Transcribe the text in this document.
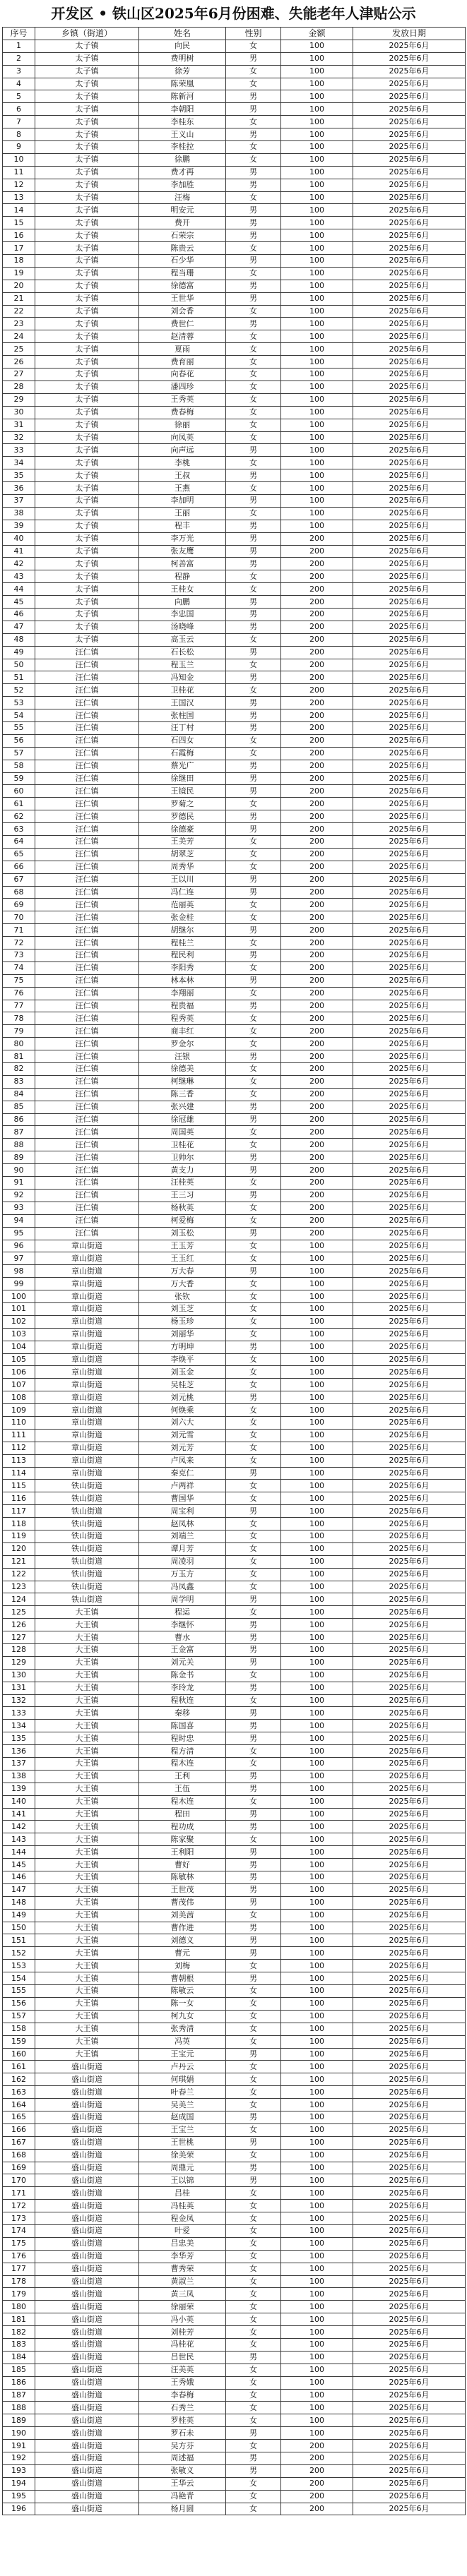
开发区 • 铁山区2025年6月份困难、失能老年人津贴公示
序号	乡镇（街道）	姓名	性别	金额	发放日期
1	太子镇	向民	女	100	2025年6月
2	太子镇	费明树	男	100	2025年6月
3	太子镇	徐芳	女	100	2025年6月
4	太子镇	陈荣凰	女	100	2025年6月
5	太子镇	陈新河	男	100	2025年6月
6	太子镇	李朝阳	男	100	2025年6月
7	太子镇	李桂东	女	100	2025年6月
8	太子镇	王义山	男	100	2025年6月
9	太子镇	李桂拉	女	100	2025年6月
10	太子镇	徐鹏	女	100	2025年6月
11	太子镇	费才再	男	100	2025年6月
12	太子镇	李加胜	男	100	2025年6月
13	太子镇	汪梅	女	100	2025年6月
14	太子镇	明安元	男	100	2025年6月
15	太子镇	费开	男	100	2025年6月
16	太子镇	石荣宗	男	100	2025年6月
17	太子镇	陈贵云	女	100	2025年6月
18	太子镇	石少华	男	100	2025年6月
19	太子镇	程当珊	女	100	2025年6月
20	太子镇	徐德富	男	100	2025年6月
21	太子镇	王世华	男	100	2025年6月
22	太子镇	刘会香	女	100	2025年6月
23	太子镇	费世仁	男	100	2025年6月
24	太子镇	赵清蓉	女	100	2025年6月
25	太子镇	夏雨	女	100	2025年6月
26	太子镇	费育丽	女	100	2025年6月
27	太子镇	向春花	女	100	2025年6月
28	太子镇	潘四珍	女	100	2025年6月
29	太子镇	王秀英	女	100	2025年6月
30	太子镇	费春梅	女	100	2025年6月
31	太子镇	徐丽	女	100	2025年6月
32	太子镇	向凤英	女	100	2025年6月
33	太子镇	向声远	男	100	2025年6月
34	太子镇	李桃	女	100	2025年6月
35	太子镇	王叔	男	100	2025年6月
36	太子镇	王燕	女	100	2025年6月
37	太子镇	李加明	男	100	2025年6月
38	太子镇	王丽	女	100	2025年6月
39	太子镇	程丰	男	100	2025年6月
40	太子镇	李万光	男	200	2025年6月
41	太子镇	张友鹰	男	200	2025年6月
42	太子镇	柯善富	男	200	2025年6月
43	太子镇	程静	女	200	2025年6月
44	太子镇	王桂女	女	200	2025年6月
45	太子镇	向鹏	男	200	2025年6月
46	太子镇	李忠国	男	200	2025年6月
47	太子镇	汤晓峰	男	200	2025年6月
48	太子镇	高玉云	女	200	2025年6月
49	汪仁镇	石长松	男	200	2025年6月
50	汪仁镇	程玉兰	女	200	2025年6月
51	汪仁镇	冯知金	男	200	2025年6月
52	汪仁镇	卫桂花	女	200	2025年6月
53	汪仁镇	王国汉	男	200	2025年6月
54	汪仁镇	张柱国	男	200	2025年6月
55	汪仁镇	汪丁村	男	200	2025年6月
56	汪仁镇	石四女	女	200	2025年6月
57	汪仁镇	石霞梅	女	200	2025年6月
58	汪仁镇	蔡光广	男	200	2025年6月
59	汪仁镇	徐继田	男	200	2025年6月
60	汪仁镇	王镜民	男	200	2025年6月
61	汪仁镇	罗菊之	女	200	2025年6月
62	汪仁镇	罗德民	男	200	2025年6月
63	汪仁镇	徐德豪	男	200	2025年6月
64	汪仁镇	王美芳	女	200	2025年6月
65	汪仁镇	胡翠芝	女	200	2025年6月
66	汪仁镇	周秀华	女	200	2025年6月
67	汪仁镇	王以川	男	200	2025年6月
68	汪仁镇	冯仁连	男	200	2025年6月
69	汪仁镇	范丽英	女	200	2025年6月
70	汪仁镇	张金桂	女	200	2025年6月
71	汪仁镇	胡继尔	男	200	2025年6月
72	汪仁镇	程桂兰	女	200	2025年6月
73	汪仁镇	程民利	男	200	2025年6月
74	汪仁镇	李阳秀	女	200	2025年6月
75	汪仁镇	林本林	男	200	2025年6月
76	汪仁镇	李翔丽	女	200	2025年6月
77	汪仁镇	程贵福	男	200	2025年6月
78	汪仁镇	程秀英	女	200	2025年6月
79	汪仁镇	商丰红	女	200	2025年6月
80	汪仁镇	罗金尔	女	200	2025年6月
81	汪仁镇	汪银	男	200	2025年6月
82	汪仁镇	徐德美	女	200	2025年6月
83	汪仁镇	柯继琳	女	200	2025年6月
84	汪仁镇	陈三香	女	200	2025年6月
85	汪仁镇	张兴建	男	200	2025年6月
86	汪仁镇	徐冠雄	男	200	2025年6月
87	汪仁镇	周国英	女	200	2025年6月
88	汪仁镇	卫桂花	女	200	2025年6月
89	汪仁镇	卫帅尔	男	200	2025年6月
90	汪仁镇	黄支力	男	200	2025年6月
91	汪仁镇	汪桂英	女	200	2025年6月
92	汪仁镇	王三习	男	200	2025年6月
93	汪仁镇	杨秋英	女	200	2025年6月
94	汪仁镇	柯爱梅	女	200	2025年6月
95	汪仁镇	刘玉松	男	200	2025年6月
96	章山街道	王玉芳	女	100	2025年6月
97	章山街道	王玉红	女	100	2025年6月
98	章山街道	万大春	男	100	2025年6月
99	章山街道	万大香	女	100	2025年6月
100	章山街道	张钦	女	100	2025年6月
101	章山街道	刘玉芝	女	100	2025年6月
102	章山街道	杨玉珍	女	100	2025年6月
103	章山街道	刘丽华	女	100	2025年6月
104	章山街道	方明坤	男	100	2025年6月
105	章山街道	李焕平	女	100	2025年6月
106	章山街道	刘玉金	女	100	2025年6月
107	章山街道	吴桂芝	女	100	2025年6月
108	章山街道	刘元桃	男	100	2025年6月
109	章山街道	何焕乘	女	100	2025年6月
110	章山街道	刘六大	女	100	2025年6月
111	章山街道	刘元雪	女	100	2025年6月
112	章山街道	刘元芳	女	100	2025年6月
113	章山街道	卢凤来	女	100	2025年6月
114	章山街道	秦克仁	男	100	2025年6月
115	铁山街道	卢两祥	女	100	2025年6月
116	铁山街道	曹国华	女	100	2025年6月
117	铁山街道	周宝利	男	100	2025年6月
118	铁山街道	赵凤林	女	100	2025年6月
119	铁山街道	刘端兰	女	100	2025年6月
120	铁山街道	谭月芳	女	100	2025年6月
121	铁山街道	周凌羽	女	100	2025年6月
122	铁山街道	万玉方	女	100	2025年6月
123	铁山街道	冯凤鑫	女	100	2025年6月
124	铁山街道	周学明	男	100	2025年6月
125	大王镇	程运	女	100	2025年6月
126	大王镇	李继怀	男	100	2025年6月
127	大王镇	曹水	男	100	2025年6月
128	大王镇	王金富	男	100	2025年6月
129	大王镇	刘元关	男	100	2025年6月
130	大王镇	陈金书	女	100	2025年6月
131	大王镇	李玲龙	男	100	2025年6月
132	大王镇	程秋连	女	100	2025年6月
133	大王镇	秦移	男	100	2025年6月
134	大王镇	陈国喜	男	100	2025年6月
135	大王镇	程时忠	男	100	2025年6月
136	大王镇	程方清	女	100	2025年6月
137	大王镇	程木连	女	100	2025年6月
138	大王镇	王利	男	100	2025年6月
139	大王镇	王伍	男	100	2025年6月
140	大王镇	程木连	女	100	2025年6月
141	大王镇	程田	男	100	2025年6月
142	大王镇	程功成	男	100	2025年6月
143	大王镇	陈家聚	女	100	2025年6月
144	大王镇	王利阳	男	100	2025年6月
145	大王镇	曹好	男	100	2025年6月
146	大王镇	陈敏林	男	100	2025年6月
147	大王镇	王世茂	男	100	2025年6月
148	大王镇	曹茂伟	男	100	2025年6月
149	大王镇	刘美茜	女	100	2025年6月
150	大王镇	曹作进	男	100	2025年6月
151	大王镇	刘德义	男	100	2025年6月
152	大王镇	曹元	男	100	2025年6月
153	大王镇	刘梅	女	100	2025年6月
154	大王镇	曹朝根	男	100	2025年6月
155	大王镇	陈敏云	女	100	2025年6月
156	大王镇	陈一女	女	100	2025年6月
157	大王镇	柯九女	女	100	2025年6月
158	大王镇	张秀清	女	100	2025年6月
159	大王镇	冯英	女	100	2025年6月
160	大王镇	王宝元	男	100	2025年6月
161	盛山街道	卢丹云	女	100	2025年6月
162	盛山街道	何琪娟	女	100	2025年6月
163	盛山街道	叶春兰	女	100	2025年6月
164	盛山街道	吴美兰	女	100	2025年6月
165	盛山街道	赵成国	男	100	2025年6月
166	盛山街道	王宝兰	女	100	2025年6月
167	盛山街道	王世桃	男	100	2025年6月
168	盛山街道	徐美荣	女	100	2025年6月
169	盛山街道	周鼎元	男	100	2025年6月
170	盛山街道	王以锦	男	100	2025年6月
171	盛山街道	吕桂	女	100	2025年6月
172	盛山街道	冯桂英	女	100	2025年6月
173	盛山街道	程金凤	女	100	2025年6月
174	盛山街道	叶爱	女	100	2025年6月
175	盛山街道	吕忠美	女	100	2025年6月
176	盛山街道	李华芳	女	100	2025年6月
177	盛山街道	曹秀荣	女	100	2025年6月
178	盛山街道	黄淑兰	女	100	2025年6月
179	盛山街道	黄三凤	女	100	2025年6月
180	盛山街道	徐丽荣	女	100	2025年6月
181	盛山街道	冯小英	女	100	2025年6月
182	盛山街道	刘桂芳	女	100	2025年6月
183	盛山街道	冯桂花	女	100	2025年6月
184	盛山街道	吕世民	男	100	2025年6月
185	盛山街道	汪美英	女	100	2025年6月
186	盛山街道	王秀娥	女	100	2025年6月
187	盛山街道	李春梅	女	100	2025年6月
188	盛山街道	石秀兰	女	100	2025年6月
189	盛山街道	罗桂英	女	100	2025年6月
190	盛山街道	罗石未	男	100	2025年6月
191	盛山街道	吴方芬	女	200	2025年6月
192	盛山街道	周述福	男	200	2025年6月
193	盛山街道	张敏义	男	200	2025年6月
194	盛山街道	王华云	女	200	2025年6月
195	盛山街道	冯艳青	女	200	2025年6月
196	盛山街道	杨月圆	女	200	2025年6月
